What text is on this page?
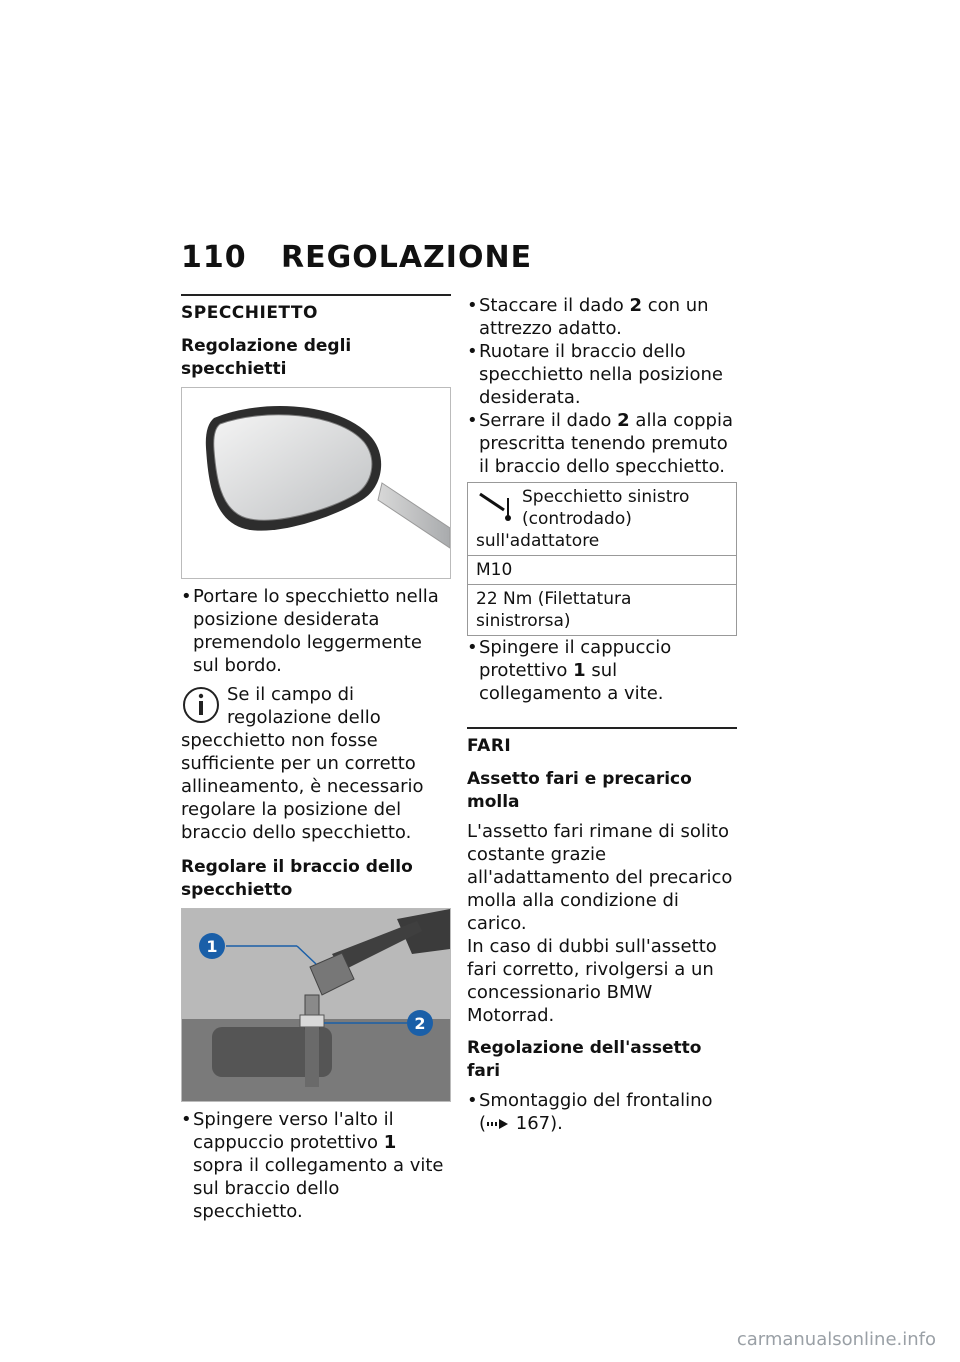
110 REGOLAZIONE
SPECCHIETTO
Regolazione degli specchietti
• Portare lo specchietto nella posizione desiderata premendolo leggermente sul bordo.

Se il campo di regolazione dello specchietto non fosse sufficiente per un corretto allineamento, è necessario regolare la posizione del braccio dello specchietto.

Regolare il braccio dello specchietto
1
2
• Spingere verso l'alto il cappuccio protettivo 1 sopra il collegamento a vite sul braccio dello specchietto.
• Staccare il dado 2 con un attrezzo adatto.
• Ruotare il braccio dello specchietto nella posizione desiderata.
• Serrare il dado 2 alla coppia prescritta tenendo premuto il braccio dello specchietto.
Specchietto sinistro (controdado) sull'adattatore
M10
22 Nm (Filettatura sinistrorsa)
• Spingere il cappuccio protettivo 1 sul collegamento a vite.
FARI
Assetto fari e precarico molla

L'assetto fari rimane di solito costante grazie all'adattamento del precarico molla alla condizione di carico.

In caso di dubbi sull'assetto fari corretto, rivolgersi a un concessionario BMW Motorrad.

Regolazione dell'assetto fari
• Smontaggio del frontalino
( 167).
carmanualsonline.info
